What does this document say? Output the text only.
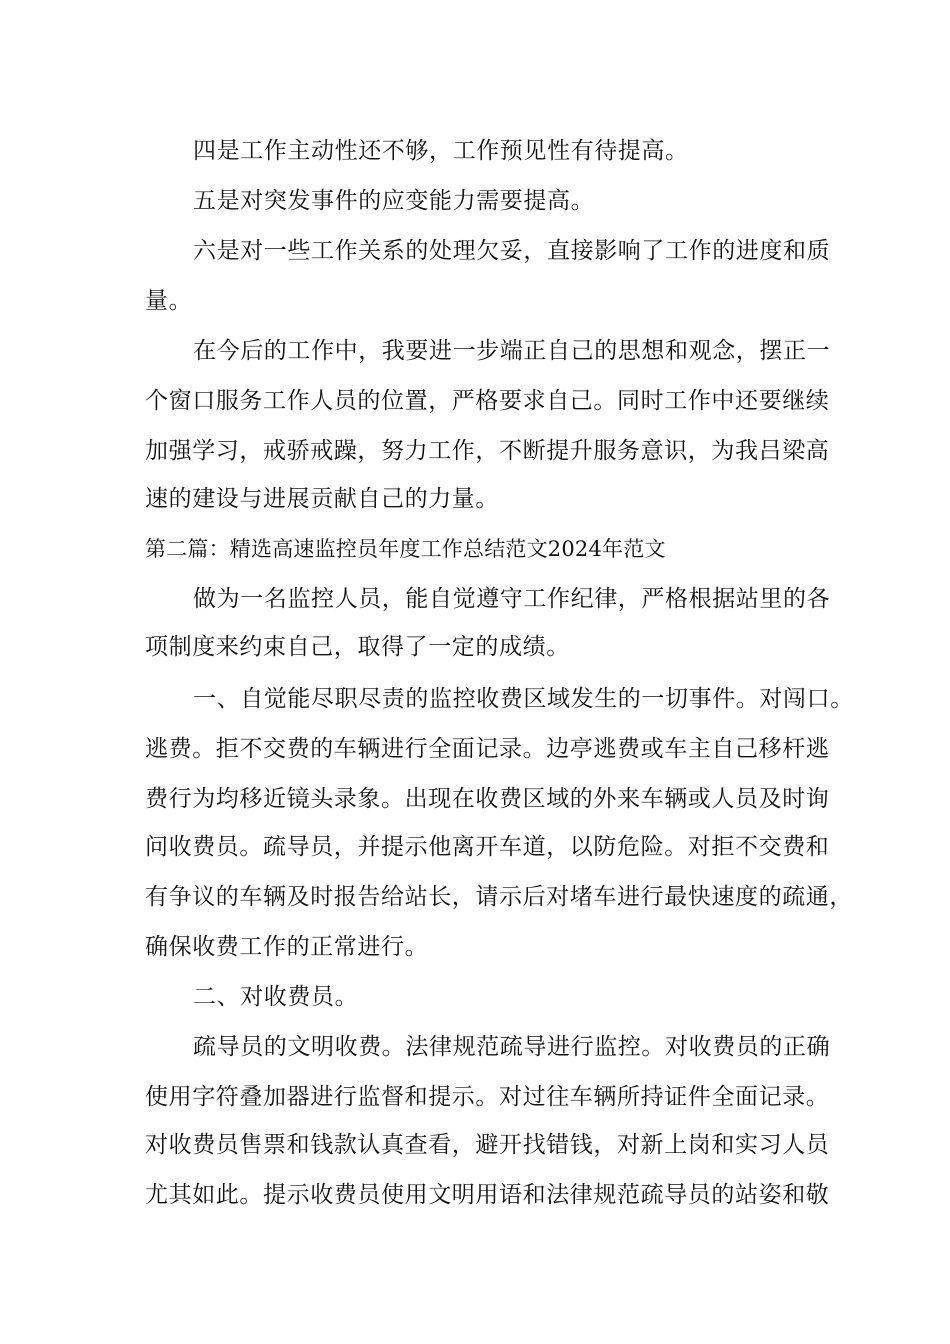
四是工作主动性还不够，工作预见性有待提高。
五是对突发事件的应变能力需要提高。
六是对一些工作关系的处理欠妥，直接影响了工作的进度和质
量。
在今后的工作中，我要进一步端正自己的思想和观念，摆正一
个窗口服务工作人员的位置，严格要求自己。同时工作中还要继续
加强学习，戒骄戒躁，努力工作，不断提升服务意识，为我吕梁高
速的建设与进展贡献自己的力量。
第二篇：精选高速监控员年度工作总结范文2024年范文
做为一名监控人员，能自觉遵守工作纪律，严格根据站里的各
项制度来约束自己，取得了一定的成绩。
一、自觉能尽职尽责的监控收费区域发生的一切事件。对闯口。
逃费。拒不交费的车辆进行全面记录。边亭逃费或车主自己移杆逃
费行为均移近镜头录象。出现在收费区域的外来车辆或人员及时询
问收费员。疏导员，并提示他离开车道，以防危险。对拒不交费和
有争议的车辆及时报告给站长，请示后对堵车进行最快速度的疏通，
确保收费工作的正常进行。
二、对收费员。
疏导员的文明收费。法律规范疏导进行监控。对收费员的正确
使用字符叠加器进行监督和提示。对过往车辆所持证件全面记录。
对收费员售票和钱款认真查看，避开找错钱，对新上岗和实习人员
尤其如此。提示收费员使用文明用语和法律规范疏导员的站姿和敬
